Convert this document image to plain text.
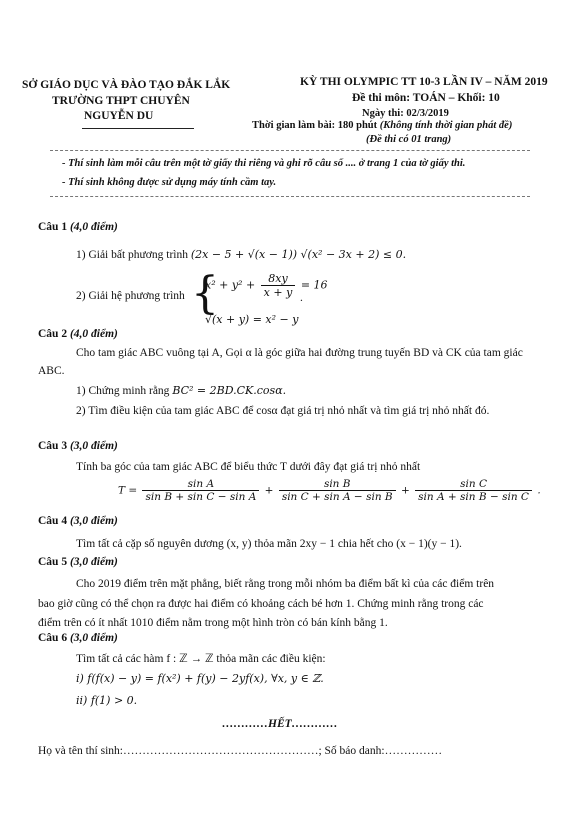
SỞ GIÁO DỤC VÀ ĐÀO TẠO ĐẮK LẮK
TRƯỜNG THPT CHUYÊN
NGUYỄN DU
KỲ THI OLYMPIC TT 10-3 LẦN IV – NĂM 2019
Đề thi môn: TOÁN – Khối: 10
Ngày thi: 02/3/2019
Thời gian làm bài: 180 phút (Không tính thời gian phát đề)
(Đề thi có 01 trang)
- Thí sinh làm mỗi câu trên một tờ giấy thi riêng và ghi rõ câu số .... ở trang 1 của tờ giấy thi.
- Thí sinh không được sử dụng máy tính cầm tay.
Câu 1 (4,0 điểm)
1) Giải bất phương trình (2x − 5 + √(x − 1)) √(x² − 3x + 2) ≤ 0.
2) Giải hệ phương trình {
$x^2 + y^2 + \frac{8xy}{x + y} = 16$
√(x + y) = x² − y
.
Câu 2 (4,0 điểm)
Cho tam giác ABC vuông tại A, Gọi α là góc giữa hai đường trung tuyến BD và CK của tam giác ABC.
1) Chứng minh rằng BC² = 2BD.CK.cosα.
2) Tìm điều kiện của tam giác ABC để cosα đạt giá trị nhỏ nhất và tìm giá trị nhỏ nhất đó.
Câu 3 (3,0 điểm)
Tính ba góc của tam giác ABC để biểu thức T dưới đây đạt giá trị nhỏ nhất
$T = \frac{\text{sin A}}{\text{sin B + sin C − sin A}} + \frac{\text{sin B}}{\text{sin C + sin A − sin B}} + \frac{\text{sin C}}{\text{sin A + sin B − sin C}}$ .
Câu 4 (3,0 điểm)
Tìm tất cả cặp số nguyên dương (x, y) thỏa mãn 2xy − 1 chia hết cho (x − 1)(y − 1).
Câu 5 (3,0 điểm)
Cho 2019 điểm trên mặt phẳng, biết rằng trong mỗi nhóm ba điểm bất kì của các điểm trên
bao giờ cũng có thể chọn ra được hai điểm có khoảng cách bé hơn 1. Chứng minh rằng trong các
điểm trên có ít nhất 1010 điểm nằm trong một hình tròn có bán kính bằng 1.
Câu 6 (3,0 điểm)
Tìm tất cả các hàm f : ℤ → ℤ thỏa mãn các điều kiện:
i) f(f(x) − y) = f(x²) + f(y) − 2yf(x), ∀x, y ∈ ℤ.
ii) f(1) > 0.
…………HẾT…………
Họ và tên thí sinh:……………………………………………; Số báo danh:……………
